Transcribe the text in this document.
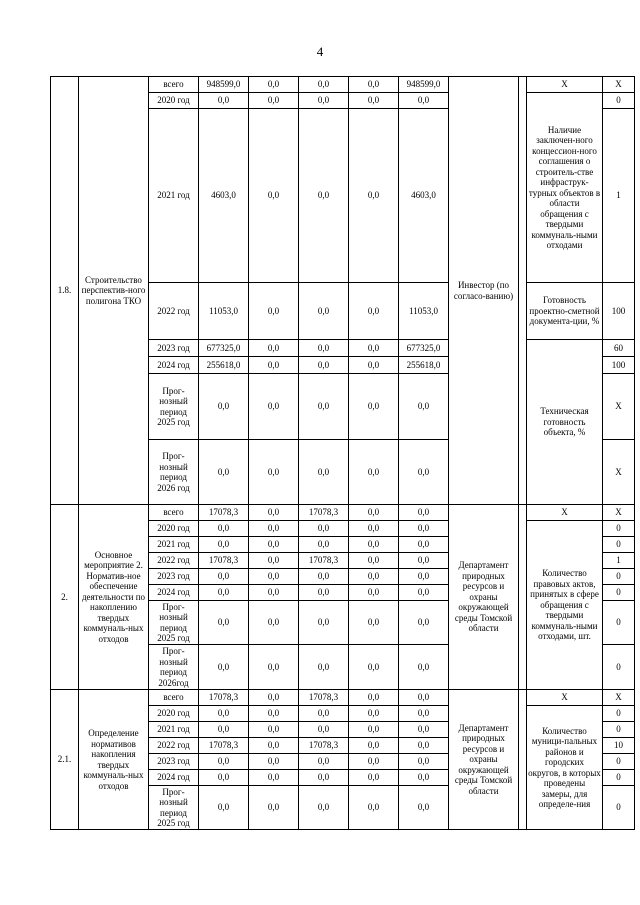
4
1.8.	Строительство перспектив-ного полигона ТКО	всего	948599,0	0,0	0,0	0,0	948599,0	Инвестор (по согласо-ванию)		X	X
		2020 год	0,0	0,0	0,0	0,0	0,0			Наличие заключен-ного концессион-ного соглашения о строитель-стве инфраструк-турных объектов в области обращения с твердыми коммуналь-ными отходами	0
		2021 год	4603,0	0,0	0,0	0,0	4603,0				1
		2022 год	11053,0	0,0	0,0	0,0	11053,0			Готовность проектно-сметной документа-ции, %	100
		2023 год	677325,0	0,0	0,0	0,0	677325,0			Техническая готовность объекта, %	60
		2024 год	255618,0	0,0	0,0	0,0	255618,0				100
		Прог-нозный период 2025 год	0,0	0,0	0,0	0,0	0,0				X
		Прог-нозный период 2026 год	0,0	0,0	0,0	0,0	0,0				X
2.	Основное мероприятие 2. Норматив-ное обеспечение деятельности по накоплению твердых коммуналь-ных отходов	всего	17078,3	0,0	17078,3	0,0	0,0	Департамент природных ресурсов и охраны окружающей среды Томской области		X	X
		2020 год	0,0	0,0	0,0	0,0	0,0			Количество правовых актов, принятых в сфере обращения с твердыми коммуналь-ными отходами, шт.	0
		2021 год	0,0	0,0	0,0	0,0	0,0				0
		2022 год	17078,3	0,0	17078,3	0,0	0,0				1
		2023 год	0,0	0,0	0,0	0,0	0,0				0
		2024 год	0,0	0,0	0,0	0,0	0,0				0
		Прог-нозный период 2025 год	0,0	0,0	0,0	0,0	0,0				0
		Прог-нозный период 2026год	0,0	0,0	0,0	0,0	0,0				0
2.1.	Определение нормативов накопления твердых коммуналь-ных отходов	всего	17078,3	0,0	17078,3	0,0	0,0	Департамент природных ресурсов и охраны окружающей среды Томской области		X	X
		2020 год	0,0	0,0	0,0	0,0	0,0			Количество муници-пальных районов и городских округов, в которых проведены замеры, для определе-ния	0
		2021 год	0,0	0,0	0,0	0,0	0,0				0
		2022 год	17078,3	0,0	17078,3	0,0	0,0				10
		2023 год	0,0	0,0	0,0	0,0	0,0				0
		2024 год	0,0	0,0	0,0	0,0	0,0				0
		Прог-нозный период 2025 год	0,0	0,0	0,0	0,0	0,0				0
